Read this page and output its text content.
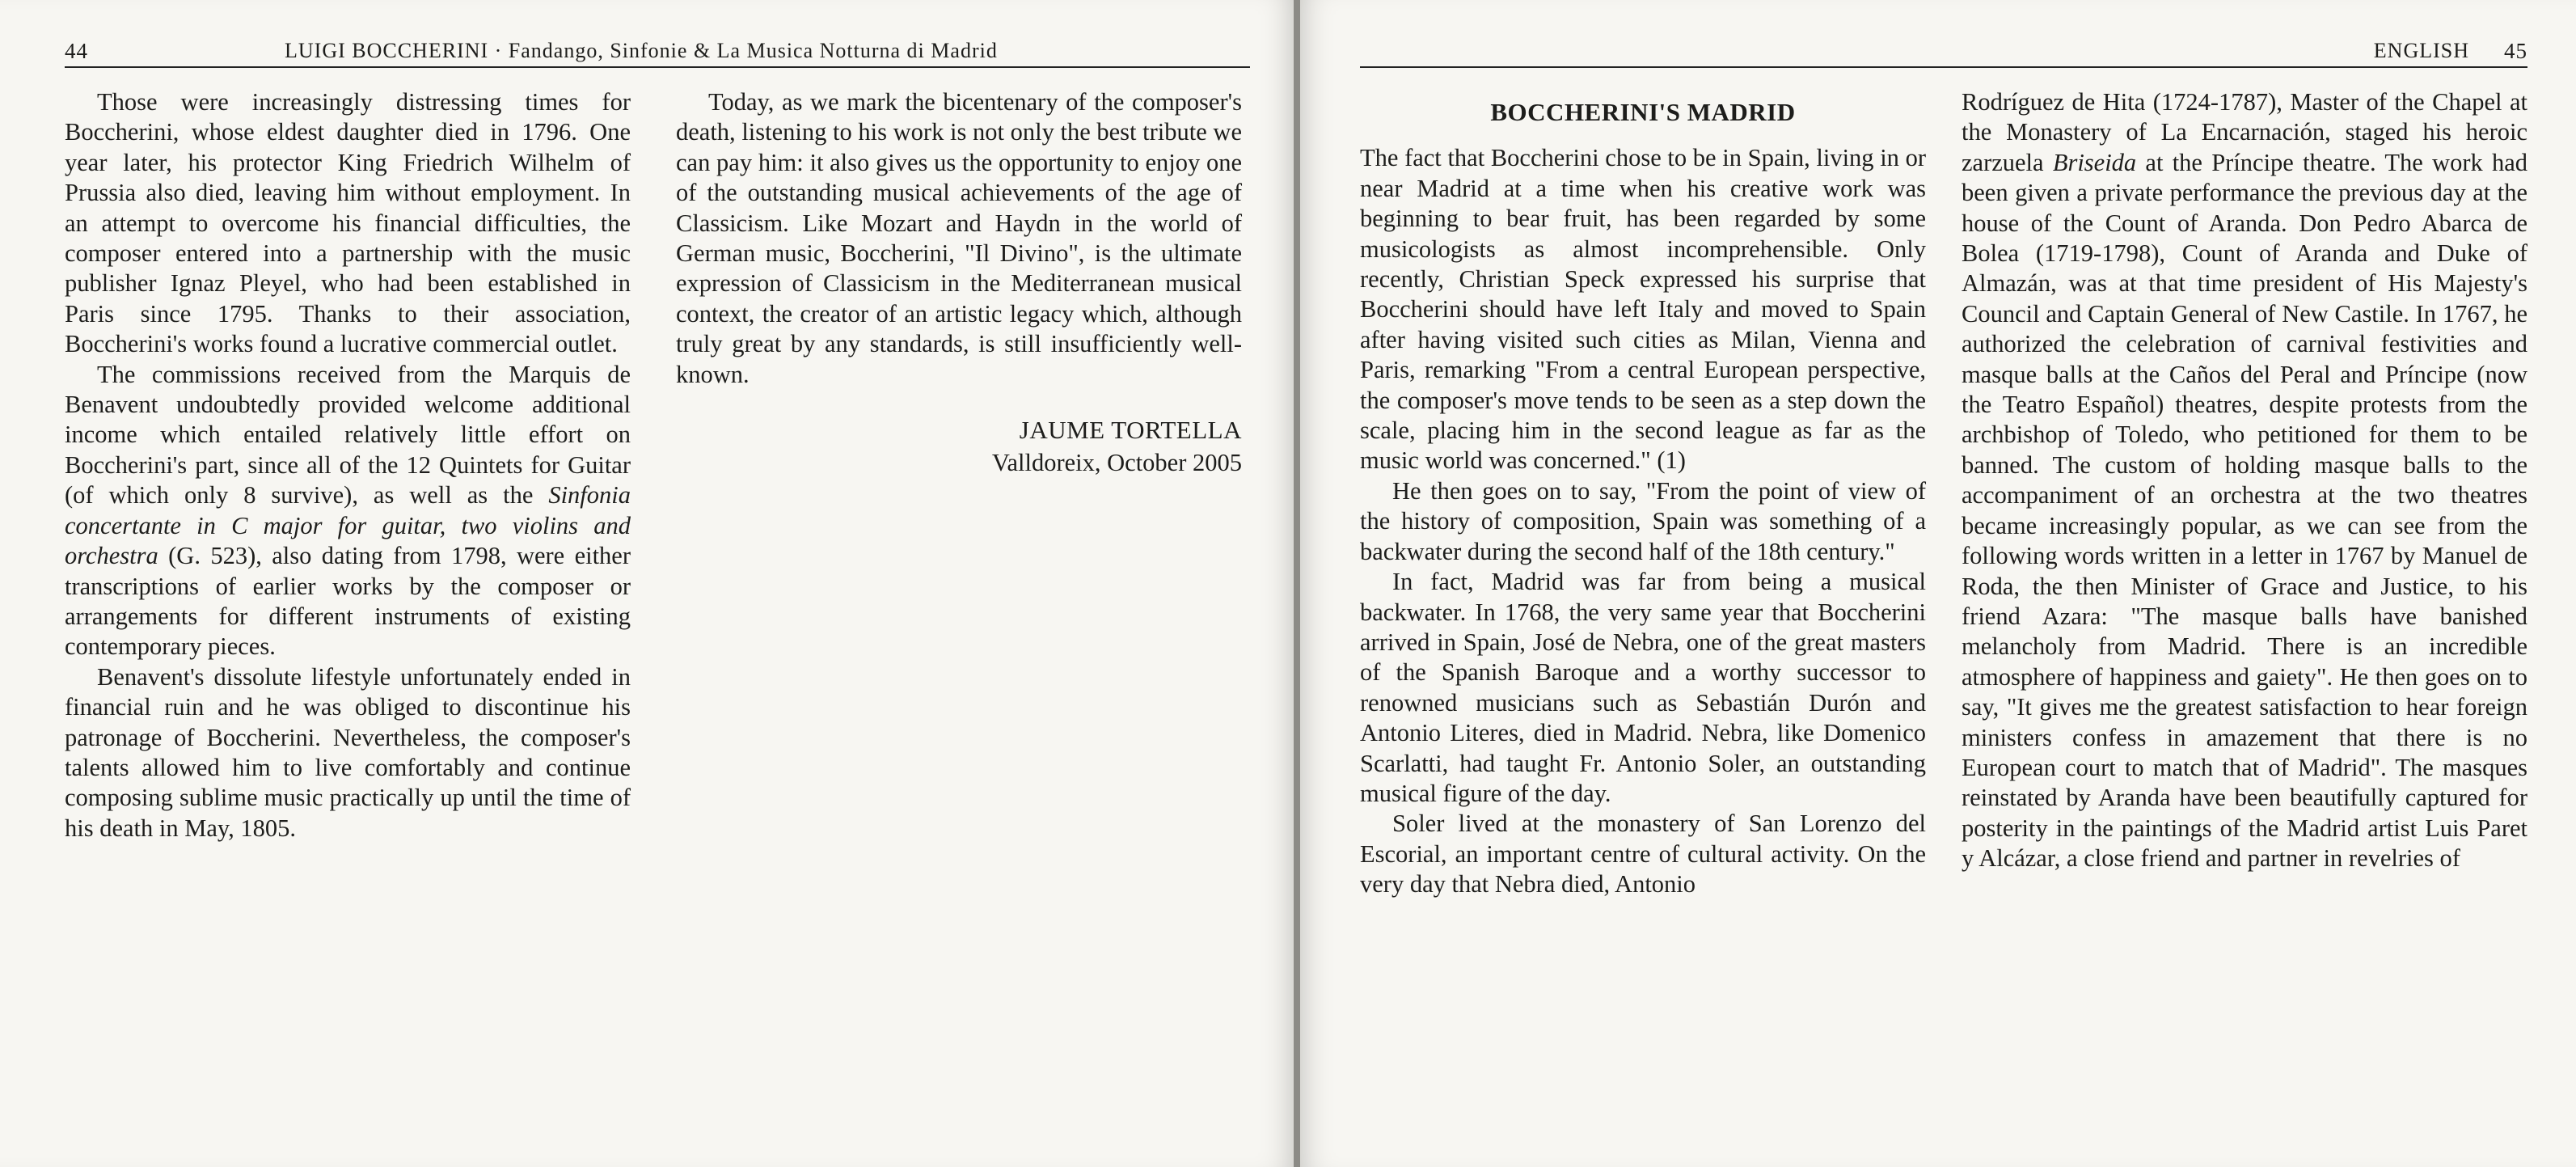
44	LUIGI BOCCHERINI · Fandango, Sinfonie & La Musica Notturna di Madrid

Those were increasingly distressing times for Boccherini, whose eldest daughter died in 1796. One year later, his protector King Friedrich Wilhelm of Prussia also died, leaving him without employment. In an attempt to overcome his financial difficulties, the composer entered into a partnership with the music publisher Ignaz Pleyel, who had been established in Paris since 1795. Thanks to their association, Boccherini's works found a lucrative commercial outlet.

The commissions received from the Marquis de Benavent undoubtedly provided welcome additional income which entailed relatively little effort on Boccherini's part, since all of the 12 Quintets for Guitar (of which only 8 survive), as well as the Sinfonia concertante in C major for guitar, two violins and orchestra (G. 523), also dating from 1798, were either transcriptions of earlier works by the composer or arrangements for different instruments of existing contemporary pieces.

Benavent's dissolute lifestyle unfortunately ended in financial ruin and he was obliged to discontinue his patronage of Boccherini. Nevertheless, the composer's talents allowed him to live comfortably and continue composing sublime music practically up until the time of his death in May, 1805.

Today, as we mark the bicentenary of the composer's death, listening to his work is not only the best tribute we can pay him: it also gives us the opportunity to enjoy one of the outstanding musical achievements of the age of Classicism. Like Mozart and Haydn in the world of German music, Boccherini, "Il Divino", is the ultimate expression of Classicism in the Mediterranean musical context, the creator of an artistic legacy which, although truly great by any standards, is still insufficiently well-known.

JAUME TORTELLA
Valldoreix, October 2005
ENGLISH 45
BOCCHERINI'S MADRID

The fact that Boccherini chose to be in Spain, living in or near Madrid at a time when his creative work was beginning to bear fruit, has been regarded by some musicologists as almost incomprehensible. Only recently, Christian Speck expressed his surprise that Boccherini should have left Italy and moved to Spain after having visited such cities as Milan, Vienna and Paris, remarking "From a central European perspective, the composer's move tends to be seen as a step down the scale, placing him in the second league as far as the music world was concerned." (1)

He then goes on to say, "From the point of view of the history of composition, Spain was something of a backwater during the second half of the 18th century."

In fact, Madrid was far from being a musical backwater. In 1768, the very same year that Boccherini arrived in Spain, José de Nebra, one of the great masters of the Spanish Baroque and a worthy successor to renowned musicians such as Sebastián Durón and Antonio Literes, died in Madrid. Nebra, like Domenico Scarlatti, had taught Fr. Antonio Soler, an outstanding musical figure of the day.

Soler lived at the monastery of San Lorenzo del Escorial, an important centre of cultural activity. On the very day that Nebra died, Antonio

Rodríguez de Hita (1724-1787), Master of the Chapel at the Monastery of La Encarnación, staged his heroic zarzuela Briseida at the Príncipe theatre. The work had been given a private performance the previous day at the house of the Count of Aranda. Don Pedro Abarca de Bolea (1719-1798), Count of Aranda and Duke of Almazán, was at that time president of His Majesty's Council and Captain General of New Castile. In 1767, he authorized the celebration of carnival festivities and masque balls at the Caños del Peral and Príncipe (now the Teatro Español) theatres, despite protests from the archbishop of Toledo, who petitioned for them to be banned. The custom of holding masque balls to the accompaniment of an orchestra at the two theatres became increasingly popular, as we can see from the following words written in a letter in 1767 by Manuel de Roda, the then Minister of Grace and Justice, to his friend Azara: "The masque balls have banished melancholy from Madrid. There is an incredible atmosphere of happiness and gaiety". He then goes on to say, "It gives me the greatest satisfaction to hear foreign ministers confess in amazement that there is no European court to match that of Madrid". The masques reinstated by Aranda have been beautifully captured for posterity in the paintings of the Madrid artist Luis Paret y Alcázar, a close friend and partner in revelries of
